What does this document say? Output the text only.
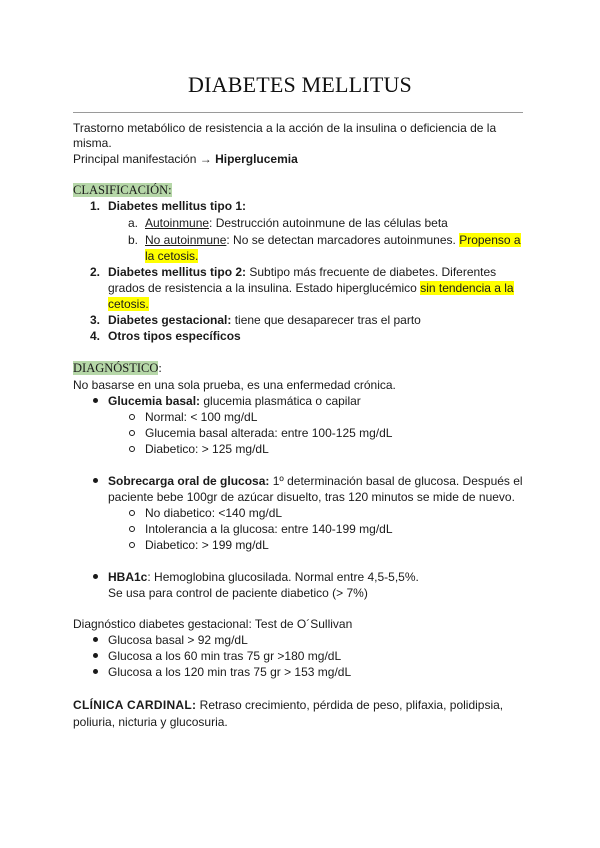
DIABETES MELLITUS
Trastorno metabólico de resistencia a la acción de la insulina o deficiencia de la
misma.
Principal manifestación → Hiperglucemia
CLASIFICACIÓN:
1. Diabetes mellitus tipo 1:
a. Autoinmune: Destrucción autoinmune de las células beta
b. No autoinmune: No se detectan marcadores autoinmunes. Propenso a
la cetosis.
2. Diabetes mellitus tipo 2: Subtipo más frecuente de diabetes. Diferentes
grados de resistencia a la insulina. Estado hiperglucémico sin tendencia a la
cetosis.
3. Diabetes gestacional: tiene que desaparecer tras el parto
4. Otros tipos específicos
DIAGNÓSTICO:
No basarse en una sola prueba, es una enfermedad crónica.
Glucemia basal: glucemia plasmática o capilar
Normal: < 100 mg/dL
Glucemia basal alterada: entre 100-125 mg/dL
Diabetico: > 125 mg/dL
Sobrecarga oral de glucosa: 1º determinación basal de glucosa. Después el
paciente bebe 100gr de azúcar disuelto, tras 120 minutos se mide de nuevo.
No diabetico: <140 mg/dL
Intolerancia a la glucosa: entre 140-199 mg/dL
Diabetico: > 199 mg/dL
HBA1c: Hemoglobina glucosilada. Normal entre 4,5-5,5%.
Se usa para control de paciente diabetico (> 7%)
Diagnóstico diabetes gestacional: Test de O´Sullivan
Glucosa basal > 92 mg/dL
Glucosa a los 60 min tras 75 gr >180 mg/dL
Glucosa a los 120 min tras 75 gr > 153 mg/dL
CLÍNICA CARDINAL: Retraso crecimiento, pérdida de peso, plifaxia, polidipsia,
poliuria, nicturia y glucosuria.
